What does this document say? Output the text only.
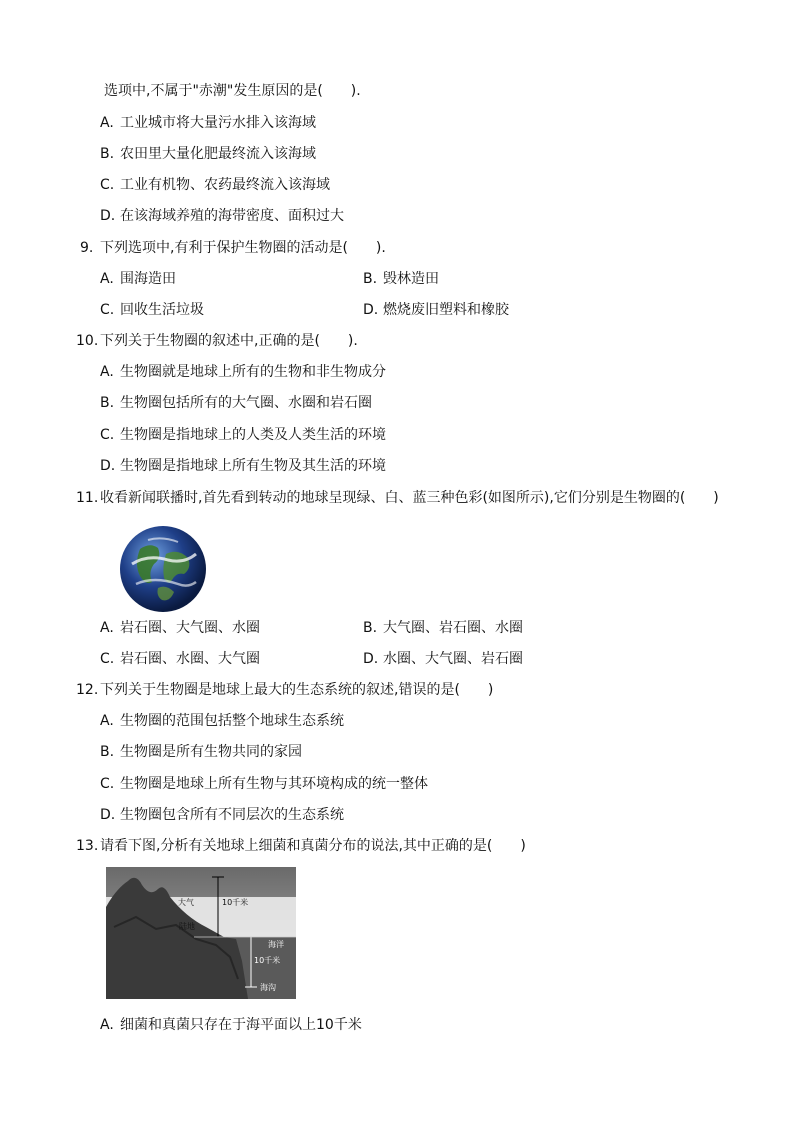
选项中,不属于"赤潮"发生原因的是(　　).
A. 工业城市将大量污水排入该海域
B. 农田里大量化肥最终流入该海域
C. 工业有机物、农药最终流入该海域
D. 在该海域养殖的海带密度、面积过大
9. 下列选项中,有利于保护生物圈的活动是(　　).
A. 围海造田	B. 毁林造田
C. 回收生活垃圾	D. 燃烧废旧塑料和橡胶
10. 下列关于生物圈的叙述中,正确的是(　　).
A. 生物圈就是地球上所有的生物和非生物成分
B. 生物圈包括所有的大气圈、水圈和岩石圈
C. 生物圈是指地球上的人类及人类生活的环境
D. 生物圈是指地球上所有生物及其生活的环境
11. 收看新闻联播时,首先看到转动的地球呈现绿、白、蓝三种色彩(如图所示),它们分别是生物圈的(　　)
A. 岩石圈、大气圈、水圈	B. 大气圈、岩石圈、水圈
C. 岩石圈、水圈、大气圈	D. 水圈、大气圈、岩石圈
12. 下列关于生物圈是地球上最大的生态系统的叙述,错误的是(　　)
A. 生物圈的范围包括整个地球生态系统
B. 生物圈是所有生物共同的家园
C. 生物圈是地球上所有生物与其环境构成的统一整体
D. 生物圈包含所有不同层次的生态系统
13. 请看下图,分析有关地球上细菌和真菌分布的说法,其中正确的是(　　)
大气	10千米
陆地
海洋
10千米
海沟
A. 细菌和真菌只存在于海平面以上10千米
